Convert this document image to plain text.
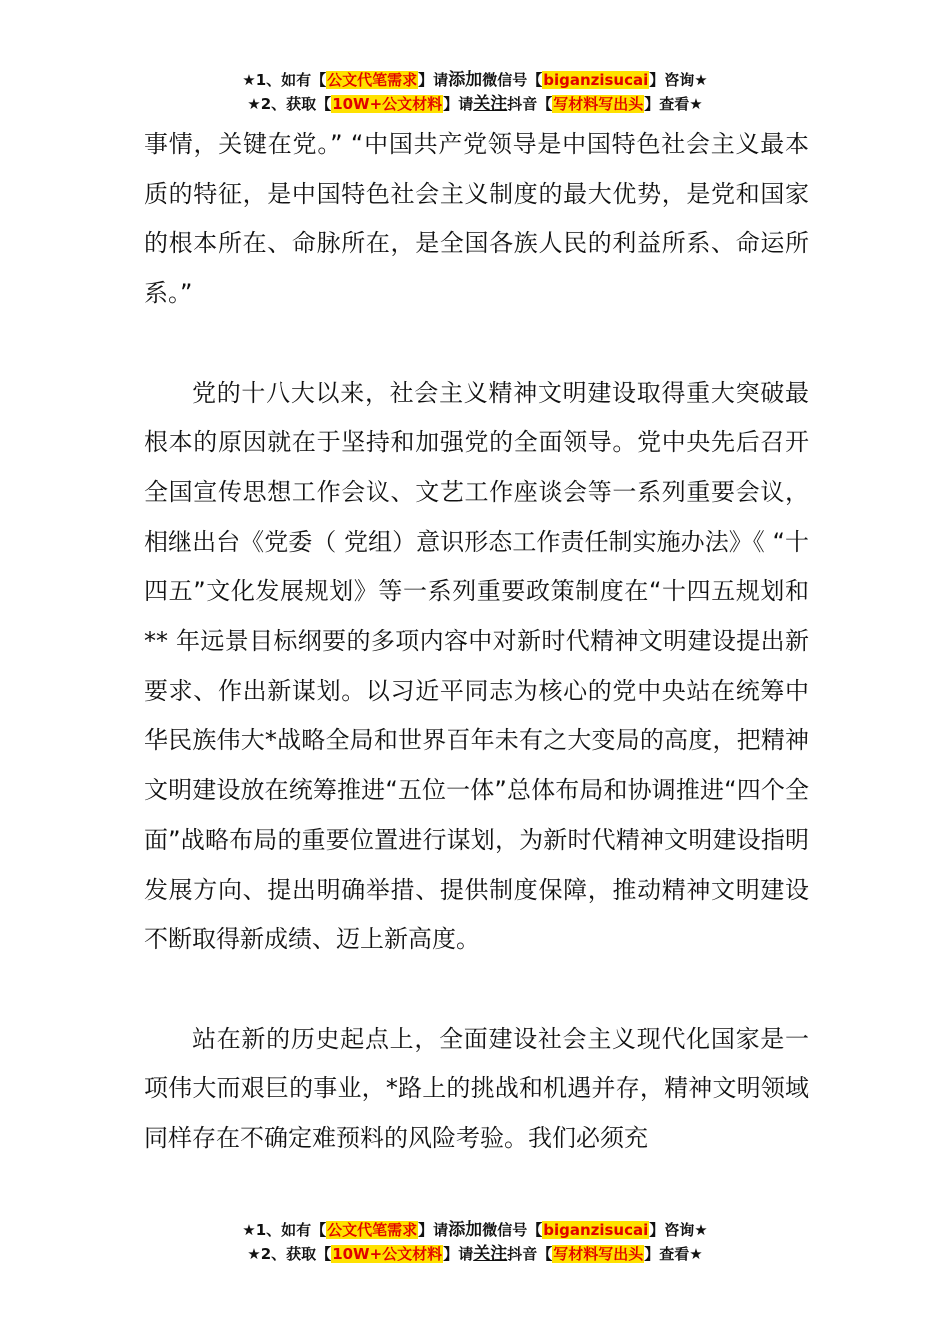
★1、如有【公文代笔需求】请添加微信号【biganzisucai】咨询★
★2、获取【10W+公文材料】请关注抖音【写材料写出头】查看★

事情，关键在党。” “中国共产党领导是中国特色社会主义最本质的特征，是中国特色社会主义制度的最大优势，是党和国家的根本所在、命脉所在，是全国各族人民的利益所系、命运所系。”

党的十八大以来，社会主义精神文明建设取得重大突破最根本的原因就在于坚持和加强党的全面领导。党中央先后召开全国宣传思想工作会议、文艺工作座谈会等一系列重要会议，相继出台《党委（ 党组）意识形态工作责任制实施办法》《 “十四五”文化发展规划》等一系列重要政策制度在“十四五规划和 ** 年远景目标纲要的多项内容中对新时代精神文明建设提出新要求、作出新谋划。以习近平同志为核心的党中央站在统筹中华民族伟大*战略全局和世界百年未有之大变局的高度，把精神文明建设放在统筹推进“五位一体”总体布局和协调推进“四个全面”战略布局的重要位置进行谋划，为新时代精神文明建设指明发展方向、提出明确举措、提供制度保障，推动精神文明建设不断取得新成绩、迈上新高度。

站在新的历史起点上，全面建设社会主义现代化国家是一项伟大而艰巨的事业，*路上的挑战和机遇并存，精神文明领域同样存在不确定难预料的风险考验。我们必须充

★1、如有【公文代笔需求】请添加微信号【biganzisucai】咨询★
★2、获取【10W+公文材料】请关注抖音【写材料写出头】查看★
